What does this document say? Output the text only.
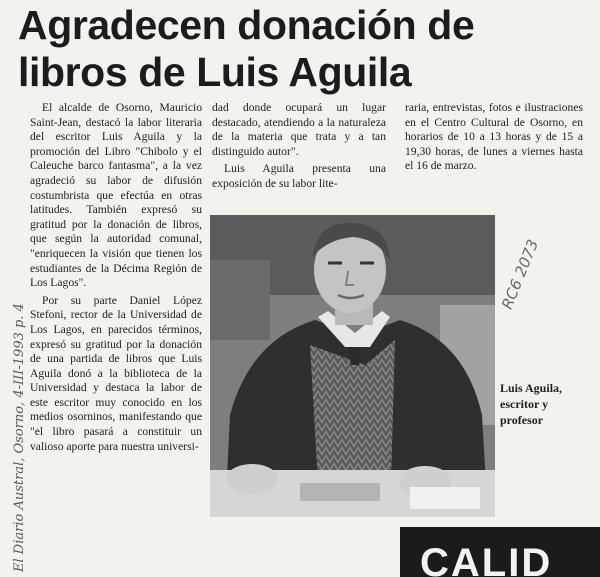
Agradecen donación de
libros de Luis Aguila

El alcalde de Osorno, Mauricio Saint-Jean, destacó la labor literaria del escritor Luis Aguila y la promoción del Libro "Chibolo y el Caleuche barco fantasma", a la vez agradeció su labor de difusión costumbrista que efectúa en otras latitudes. También expresó su gratitud por la donación de libros, que según la autoridad comunal, "enriquecen la visión que tienen los estudiantes de la Décima Región de Los Lagos".

Por su parte Daniel López Stefoni, rector de la Universidad de Los Lagos, en parecidos términos, expresó su gratitud por la donación de una partida de libros que Luis Aguila donó a la biblioteca de la Universidad y destaca la labor de este escritor muy conocido en los medios osorninos, manifestando que "el libro pasará a constituir un valioso aporte para nuestra universi-

dad donde ocupará un lugar destacado, atendiendo a la naturaleza de la materia que trata y a tan distinguido autor".

Luis Aguila presenta una exposición de su labor lite-

raria, entrevistas, fotos e ilustraciones en el Centro Cultural de Osorno, en horarios de 10 a 13 horas y de 15 a 19,30 horas, de lunes a viernes hasta el 16 de marzo.

Luis Aguila, escritor y profesor
El Diario Austral, Osorno, 4-III-1993 p. 4
RC6 2073
CALID
